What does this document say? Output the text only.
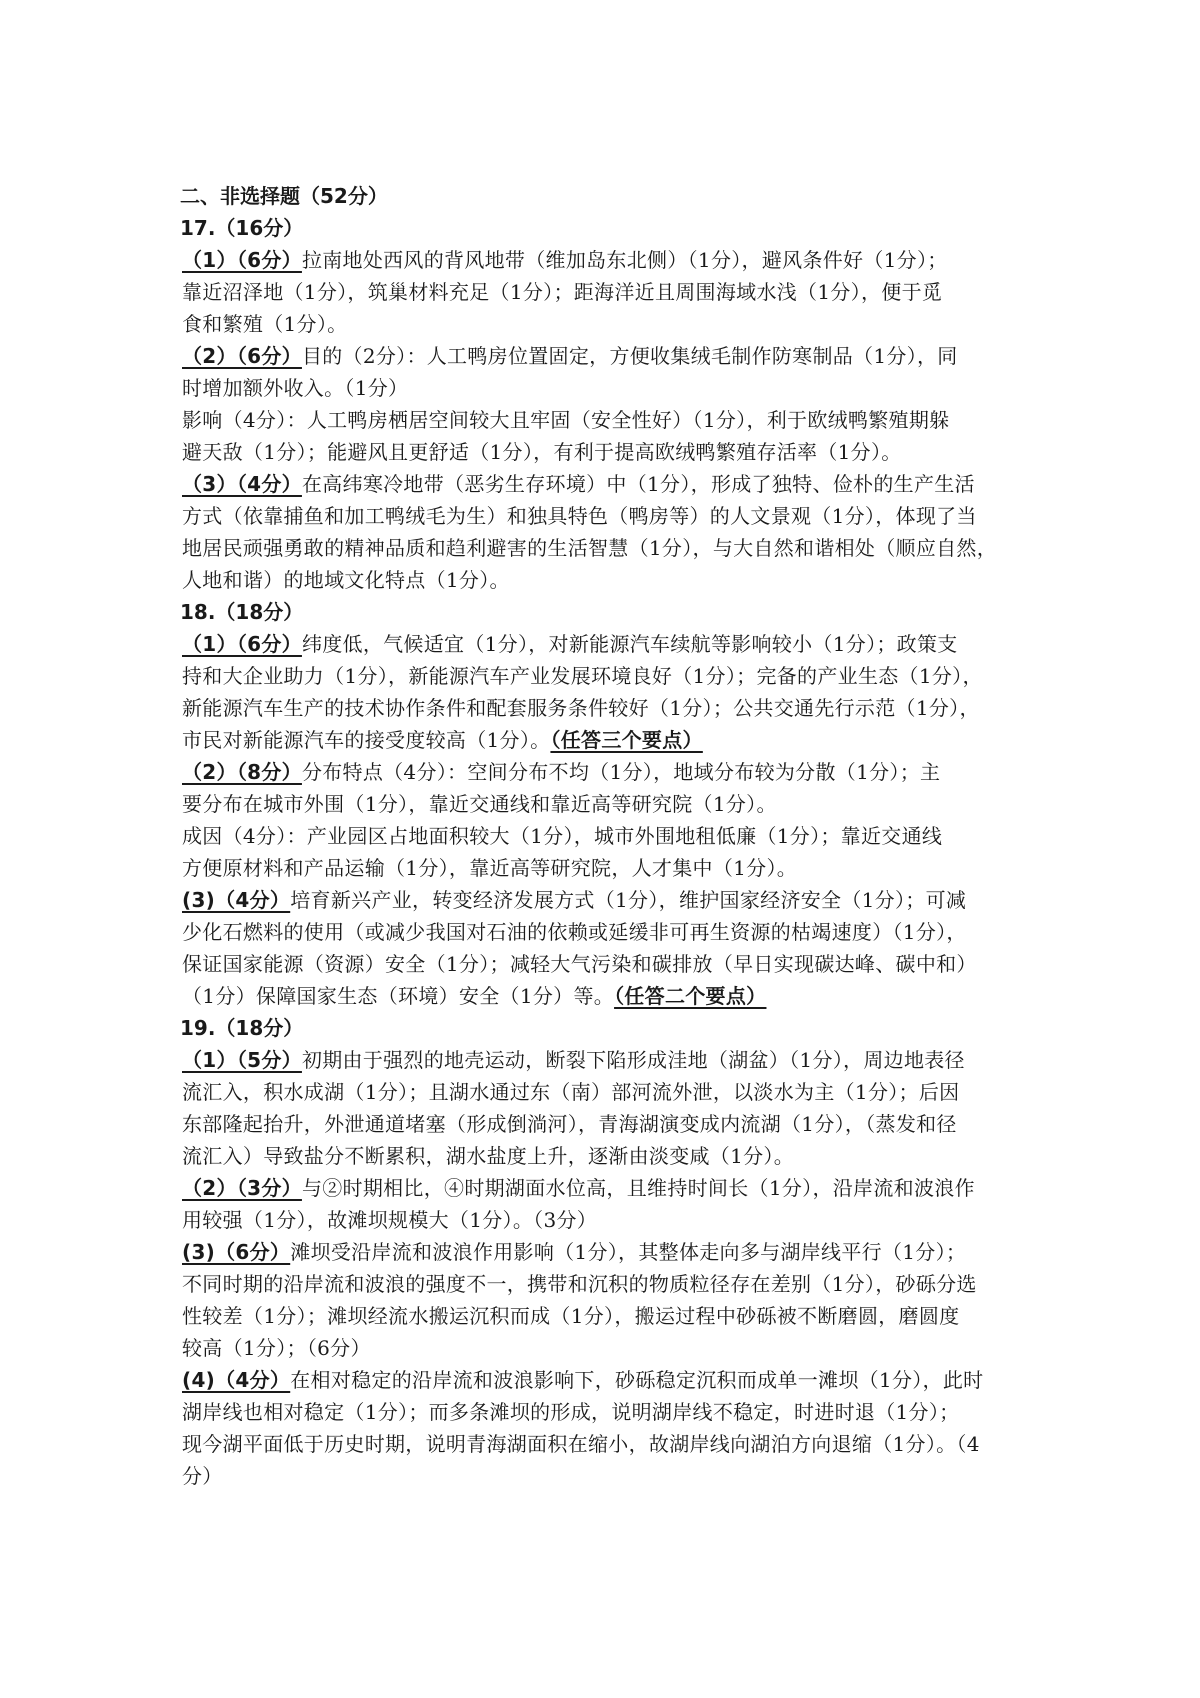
二、非选择题（52分）
17.（16分）
（1）（6分）拉南地处西风的背风地带（维加岛东北侧）（1分），避风条件好（1分）；
靠近沼泽地（1分），筑巢材料充足（1分）；距海洋近且周围海域水浅（1分），便于觅
食和繁殖（1分）。
（2）（6分）目的（2分）：人工鸭房位置固定，方便收集绒毛制作防寒制品（1分），同
时增加额外收入。（1分）
影响（4分）：人工鸭房栖居空间较大且牢固（安全性好）（1分），利于欧绒鸭繁殖期躲
避天敌（1分）；能避风且更舒适（1分），有利于提高欧绒鸭繁殖存活率（1分）。
（3）（4分）在高纬寒冷地带（恶劣生存环境）中（1分），形成了独特、俭朴的生产生活
方式（依靠捕鱼和加工鸭绒毛为生）和独具特色（鸭房等）的人文景观（1分），体现了当
地居民顽强勇敢的精神品质和趋利避害的生活智慧（1分），与大自然和谐相处（顺应自然，
人地和谐）的地域文化特点（1分）。
18.（18分）
（1）（6分）纬度低，气候适宜（1分），对新能源汽车续航等影响较小（1分）；政策支
持和大企业助力（1分），新能源汽车产业发展环境良好（1分）；完备的产业生态（1分），
新能源汽车生产的技术协作条件和配套服务条件较好（1分）；公共交通先行示范（1分），
市民对新能源汽车的接受度较高（1分）。（任答三个要点）
（2）（8分）分布特点（4分）：空间分布不均（1分），地域分布较为分散（1分）；主
要分布在城市外围（1分），靠近交通线和靠近高等研究院（1分）。
成因（4分）：产业园区占地面积较大（1分），城市外围地租低廉（1分）；靠近交通线
方便原材料和产品运输（1分），靠近高等研究院，人才集中（1分）。
(3)（4分）培育新兴产业，转变经济发展方式（1分），维护国家经济安全（1分）；可减
少化石燃料的使用（或减少我国对石油的依赖或延缓非可再生资源的枯竭速度）（1分），
保证国家能源（资源）安全（1分）；减轻大气污染和碳排放（早日实现碳达峰、碳中和）
（1分）保障国家生态（环境）安全（1分）等。（任答二个要点）
19.（18分）
（1）（5分）初期由于强烈的地壳运动，断裂下陷形成洼地（湖盆）（1分），周边地表径
流汇入，积水成湖（1分）；且湖水通过东（南）部河流外泄，以淡水为主（1分）；后因
东部隆起抬升，外泄通道堵塞（形成倒淌河），青海湖演变成内流湖（1分），（蒸发和径
流汇入）导致盐分不断累积，湖水盐度上升，逐渐由淡变咸（1分）。
（2）（3分）与②时期相比，④时期湖面水位高，且维持时间长（1分），沿岸流和波浪作
用较强（1分），故滩坝规模大（1分）。（3分）
(3)（6分）滩坝受沿岸流和波浪作用影响（1分），其整体走向多与湖岸线平行（1分）；
不同时期的沿岸流和波浪的强度不一，携带和沉积的物质粒径存在差别（1分），砂砾分选
性较差（1分）；滩坝经流水搬运沉积而成（1分），搬运过程中砂砾被不断磨圆，磨圆度
较高（1分）；（6分）
(4)（4分）在相对稳定的沿岸流和波浪影响下，砂砾稳定沉积而成单一滩坝（1分），此时
湖岸线也相对稳定（1分）；而多条滩坝的形成，说明湖岸线不稳定，时进时退（1分）；
现今湖平面低于历史时期，说明青海湖面积在缩小，故湖岸线向湖泊方向退缩（1分）。（4
分）
